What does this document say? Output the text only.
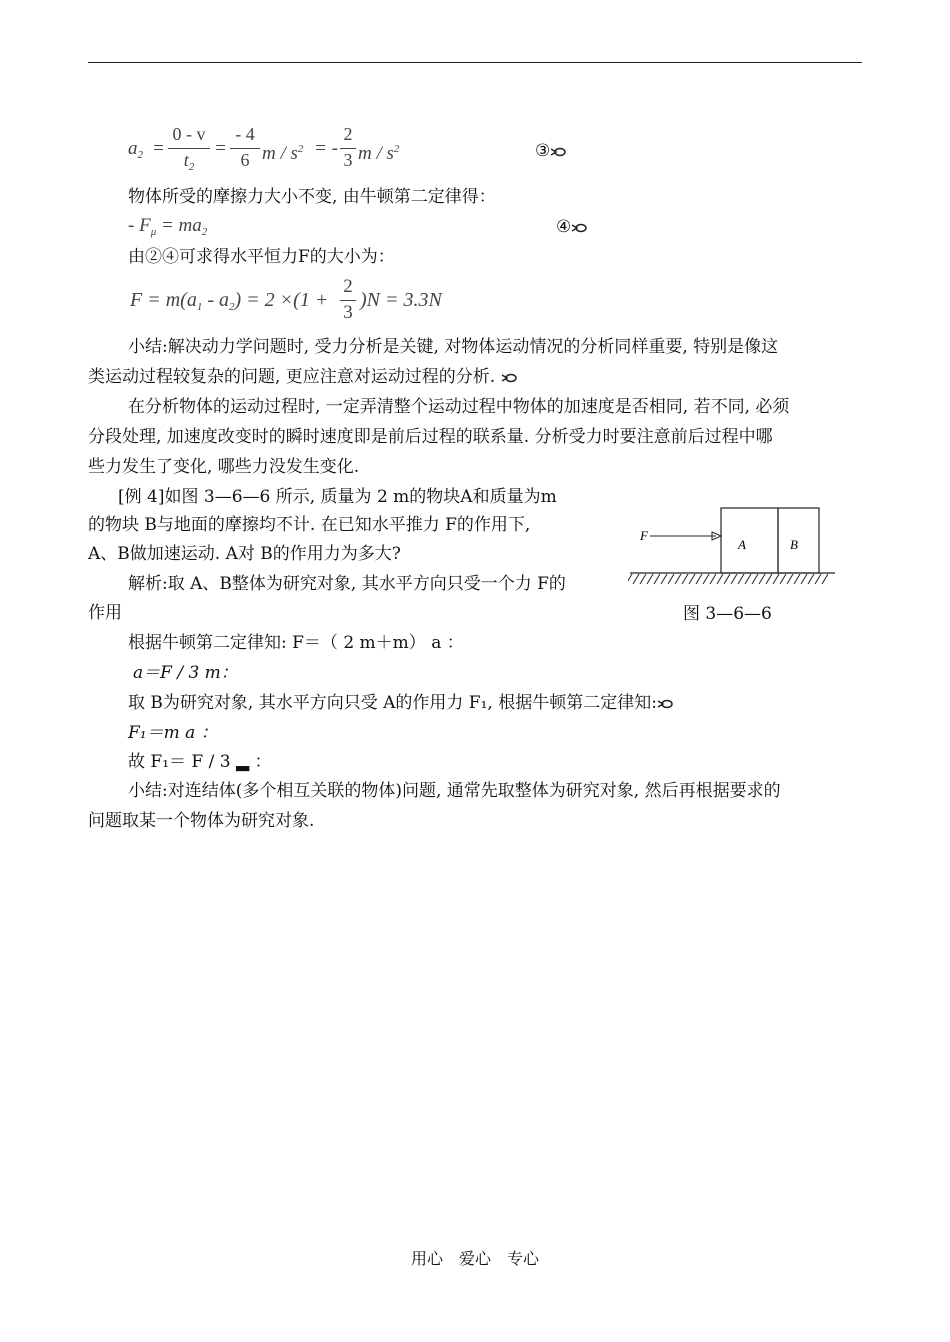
$a_2$ =
0 - v
$t_2$
=
- 4
6 m / $s^2$ = -
2
3 m / $s^2$	③
物体所受的摩擦力大小不变, 由牛顿第二定律得：
- $F_\mu = ma_2$	④
由②④可求得水平恒力F的大小为：
$F = m(a_1 - a_2) = 2 \times(1$ +
2
3
)N = 3.3N
小结:解决动力学问题时, 受力分析是关键, 对物体运动情况的分析同样重要, 特别是像这
类运动过程较复杂的问题, 更应注意对运动过程的分析.
在分析物体的运动过程时, 一定弄清整个运动过程中物体的加速度是否相同, 若不同, 必须
分段处理, 加速度改变时的瞬时速度即是前后过程的联系量. 分析受力时要注意前后过程中哪
些力发生了变化, 哪些力没发生变化.
[例 4]如图 3—6—6 所示, 质量为 2 m的物块A和质量为m
的物块 B与地面的摩擦均不计. 在已知水平推力 F的作用下,
A、B做加速运动. A对 B的作用力为多大?
解析:取 A、B整体为研究对象, 其水平方向只受一个力 F的
作用
F
A	B
图 3—6—6
根据牛顿第二定律知: F＝（ 2 m＋m） a ：
a＝F / 3 m：
取 B为研究对象, 其水平方向只受 A的作用力 F₁, 根据牛顿第二定律知:
F₁＝m a ：
故 F₁＝ F / 3 ▂ ：
小结:对连结体(多个相互关联的物体)问题, 通常先取整体为研究对象, 然后再根据要求的
问题取某一个物体为研究对象.
用心　爱心　专心
